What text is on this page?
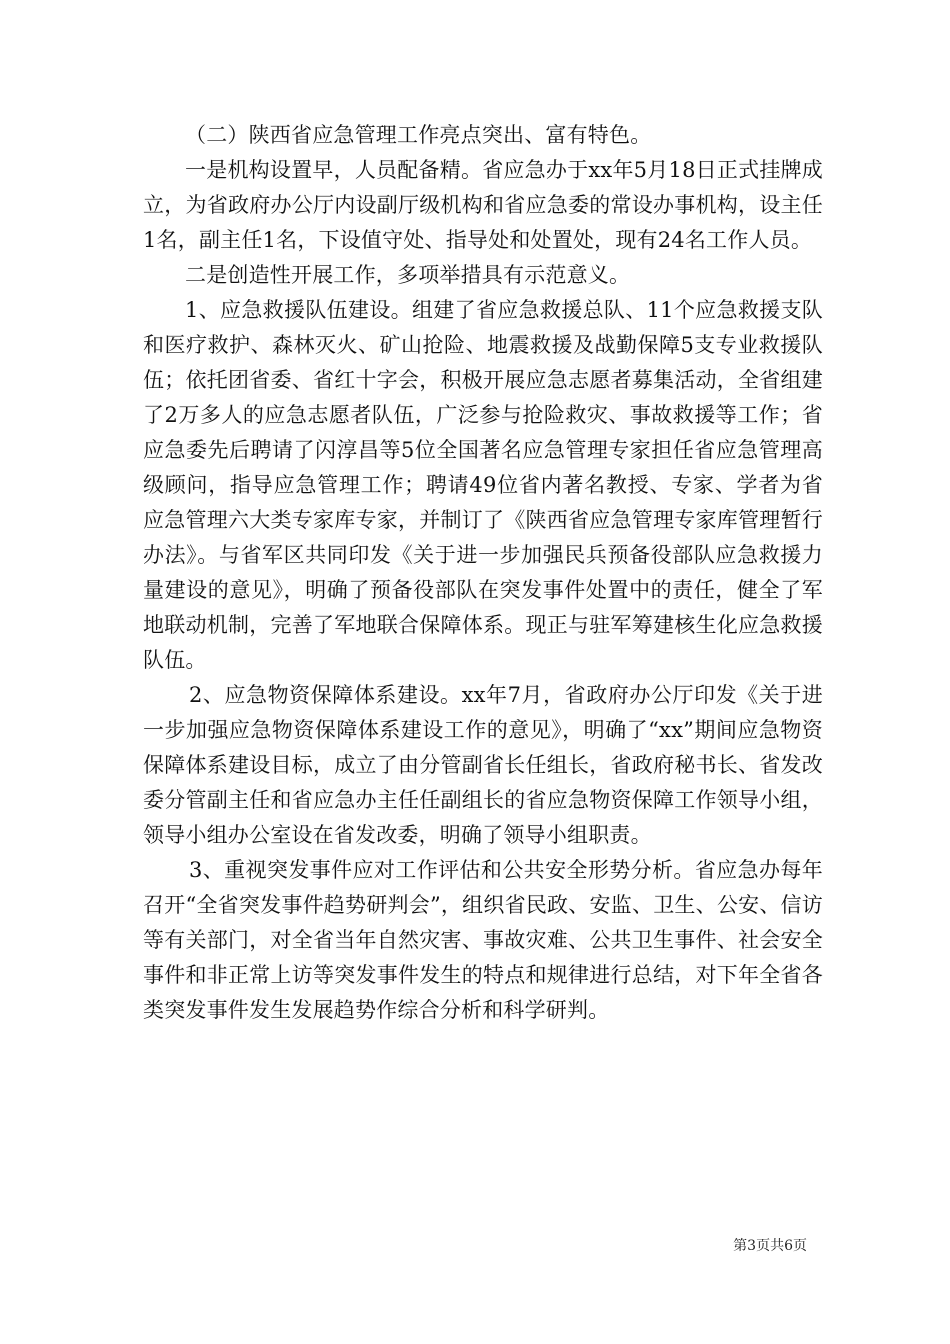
（二）陕西省应急管理工作亮点突出、富有特色。

一是机构设置早，人员配备精。省应急办于xx年5月18日正式挂牌成立，为省政府办公厅内设副厅级机构和省应急委的常设办事机构，设主任1名，副主任1名，下设值守处、指导处和处置处，现有24名工作人员。

二是创造性开展工作，多项举措具有示范意义。

1、应急救援队伍建设。组建了省应急救援总队、11个应急救援支队和医疗救护、森林灭火、矿山抢险、地震救援及战勤保障5支专业救援队伍；依托团省委、省红十字会，积极开展应急志愿者募集活动，全省组建了2万多人的应急志愿者队伍，广泛参与抢险救灾、事故救援等工作；省应急委先后聘请了闪淳昌等5位全国著名应急管理专家担任省应急管理高级顾问，指导应急管理工作；聘请49位省内著名教授、专家、学者为省应急管理六大类专家库专家，并制订了《陕西省应急管理专家库管理暂行办法》。与省军区共同印发《关于进一步加强民兵预备役部队应急救援力量建设的意见》，明确了预备役部队在突发事件处置中的责任，健全了军地联动机制，完善了军地联合保障体系。现正与驻军筹建核生化应急救援队伍。

2、应急物资保障体系建设。xx年7月，省政府办公厅印发《关于进一步加强应急物资保障体系建设工作的意见》，明确了“xx”期间应急物资保障体系建设目标，成立了由分管副省长任组长，省政府秘书长、省发改委分管副主任和省应急办主任任副组长的省应急物资保障工作领导小组，领导小组办公室设在省发改委，明确了领导小组职责。

3、重视突发事件应对工作评估和公共安全形势分析。省应急办每年召开“全省突发事件趋势研判会”，组织省民政、安监、卫生、公安、信访等有关部门，对全省当年自然灾害、事故灾难、公共卫生事件、社会安全事件和非正常上访等突发事件发生的特点和规律进行总结，对下年全省各类突发事件发生发展趋势作综合分析和科学研判。

第3页共6页
